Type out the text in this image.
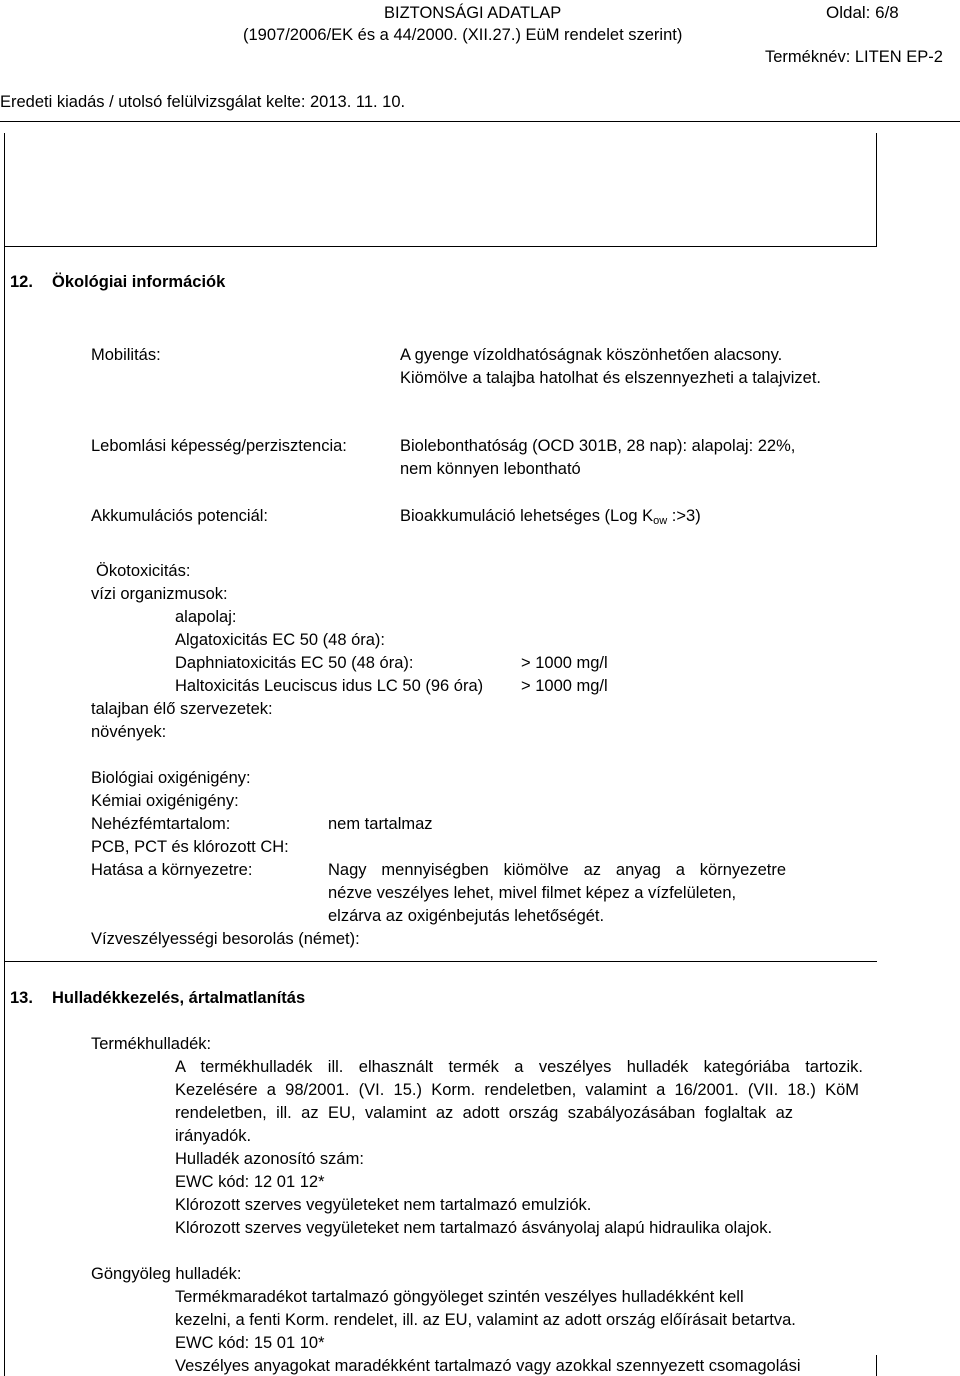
BIZTONSÁGI ADATLAP	Oldal: 6/8
(1907/2006/EK és a 44/2000. (XII.27.) EüM rendelet szerint)
Terméknév: LITEN EP-2
Eredeti kiadás / utolsó felülvizsgálat kelte: 2013. 11. 10.
12. Ökológiai információk
Mobilitás:	A gyenge vízoldhatóságnak köszönhetően alacsony.
Kiömölve a talajba hatolhat és elszennyezheti a talajvizet.
Lebomlási képesség/perzisztencia:	Biolebonthatóság (OCD 301B, 28 nap): alapolaj: 22%,
nem könnyen lebontható
Akkumulációs potenciál:	Bioakkumuláció lehetséges (Log $K_{ow}$ :>3)
Ökotoxicitás:
vízi organizmusok:
alapolaj:
Algatoxicitás EC 50 (48 óra):
Daphniatoxicitás EC 50 (48 óra):	> 1000 mg/l
Haltoxicitás Leuciscus idus LC 50 (96 óra) > 1000 mg/l
talajban élő szervezetek:
növények:
Biológiai oxigénigény:
Kémiai oxigénigény:
Nehézfémtartalom:	nem tartalmaz
PCB, PCT és klórozott CH:
Hatása a környezetre:	Nagy mennyiségben kiömölve az anyag a környezetre
nézve veszélyes lehet, mivel filmet képez a vízfelületen,
elzárva az oxigénbejutás lehetőségét.
Vízveszélyességi besorolás (német):
13. Hulladékkezelés, ártalmatlanítás
Termékhulladék:
A termékhulladék ill. elhasznált termék a veszélyes hulladék kategóriába tartozik.
Kezelésére a 98/2001. (VI. 15.) Korm. rendeletben, valamint a 16/2001. (VII. 18.) KöM
rendeletben, ill. az EU, valamint az adott ország szabályozásában foglaltak az
irányadók.
Hulladék azonosító szám:
EWC kód: 12 01 12*
Klórozott szerves vegyületeket nem tartalmazó emulziók.
Klórozott szerves vegyületeket nem tartalmazó ásványolaj alapú hidraulika olajok.
Göngyöleg hulladék:
Termékmaradékot tartalmazó göngyöleget szintén veszélyes hulladékként kell
kezelni, a fenti Korm. rendelet, ill. az EU, valamint az adott ország előírásait betartva.
EWC kód: 15 01 10*
Veszélyes anyagokat maradékként tartalmazó vagy azokkal szennyezett csomagolási
